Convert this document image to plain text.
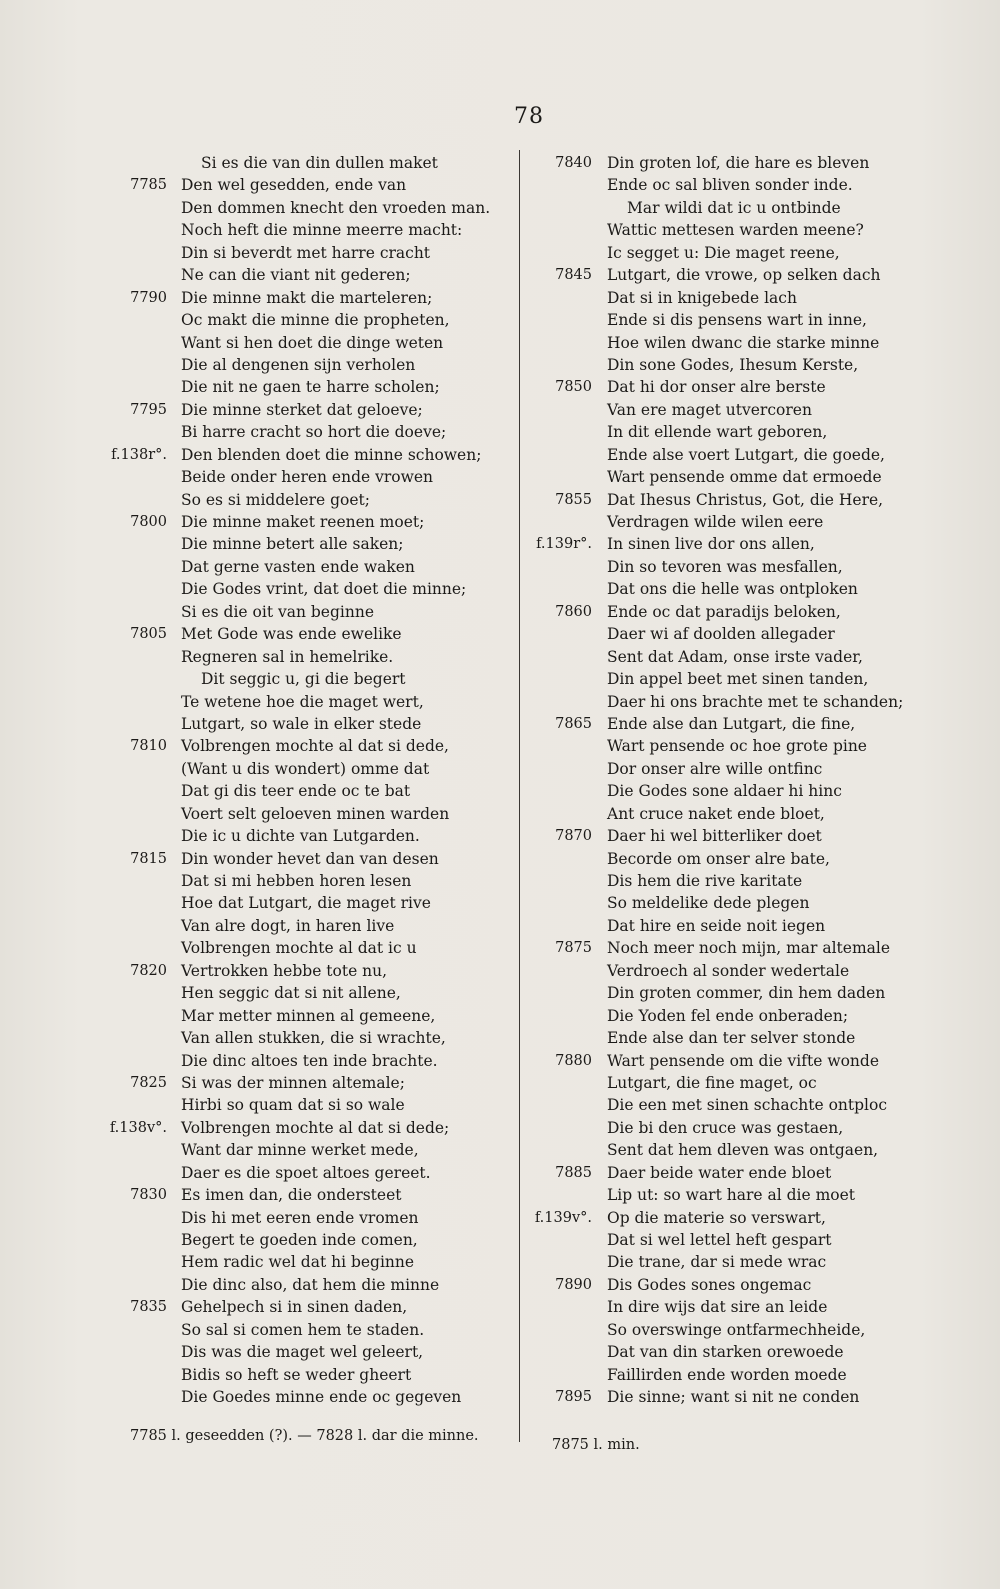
78
Si es die van din dullen maket
7785 Den wel gesedden, ende van
Den dommen knecht den vroeden man.
Noch heft die minne meerre macht:
Din si beverdt met harre cracht
Ne can die viant nit gederen;
7790 Die minne makt die marteleren;
Oc makt die minne die propheten,
Want si hen doet die dinge weten
Die al dengenen sijn verholen
Die nit ne gaen te harre scholen;
7795 Die minne sterket dat geloeve;
Bi harre cracht so hort die doeve;
f.138r°. Den blenden doet die minne schowen;
Beide onder heren ende vrowen
So es si middelere goet;
7800 Die minne maket reenen moet;
Die minne betert alle saken;
Dat gerne vasten ende waken
Die Godes vrint, dat doet die minne;
Si es die oit van beginne
7805 Met Gode was ende ewelike
Regneren sal in hemelrike.
Dit seggic u, gi die begert
Te wetene hoe die maget wert,
Lutgart, so wale in elker stede
7810 Volbrengen mochte al dat si dede,
(Want u dis wondert) omme dat
Dat gi dis teer ende oc te bat
Voert selt geloeven minen warden
Die ic u dichte van Lutgarden.
7815 Din wonder hevet dan van desen
Dat si mi hebben horen lesen
Hoe dat Lutgart, die maget rive
Van alre dogt, in haren live
Volbrengen mochte al dat ic u
7820 Vertrokken hebbe tote nu,
Hen seggic dat si nit allene,
Mar metter minnen al gemeene,
Van allen stukken, die si wrachte,
Die dinc altoes ten inde brachte.
7825 Si was der minnen altemale;
Hirbi so quam dat si so wale
f.138v°. Volbrengen mochte al dat si dede;
Want dar minne werket mede,
Daer es die spoet altoes gereet.
7830 Es imen dan, die ondersteet
Dis hi met eeren ende vromen
Begert te goeden inde comen,
Hem radic wel dat hi beginne
Die dinc also, dat hem die minne
7835 Gehelpech si in sinen daden,
So sal si comen hem te staden.
Dis was die maget wel geleert,
Bidis so heft se weder gheert
Die Goedes minne ende oc gegeven
7840 Din groten lof, die hare es bleven
Ende oc sal bliven sonder inde.
Mar wildi dat ic u ontbinde
Wattic mettesen warden meene?
Ic segget u: Die maget reene,
7845 Lutgart, die vrowe, op selken dach
Dat si in knigebede lach
Ende si dis pensens wart in inne,
Hoe wilen dwanc die starke minne
Din sone Godes, Ihesum Kerste,
7850 Dat hi dor onser alre berste
Van ere maget utvercoren
In dit ellende wart geboren,
Ende alse voert Lutgart, die goede,
Wart pensende omme dat ermoede
7855 Dat Ihesus Christus, Got, die Here,
Verdragen wilde wilen eere
f.139r°. In sinen live dor ons allen,
Din so tevoren was mesfallen,
Dat ons die helle was ontploken
7860 Ende oc dat paradijs beloken,
Daer wi af doolden allegader
Sent dat Adam, onse irste vader,
Din appel beet met sinen tanden,
Daer hi ons brachte met te schanden;
7865 Ende alse dan Lutgart, die fine,
Wart pensende oc hoe grote pine
Dor onser alre wille ontfinc
Die Godes sone aldaer hi hinc
Ant cruce naket ende bloet,
7870 Daer hi wel bitterliker doet
Becorde om onser alre bate,
Dis hem die rive karitate
So meldelike dede plegen
Dat hire en seide noit iegen
7875 Noch meer noch mijn, mar altemale
Verdroech al sonder wedertale
Din groten commer, din hem daden
Die Yoden fel ende onberaden;
Ende alse dan ter selver stonde
7880 Wart pensende om die vifte wonde
Lutgart, die fine maget, oc
Die een met sinen schachte ontploc
Die bi den cruce was gestaen,
Sent dat hem dleven was ontgaen,
7885 Daer beide water ende bloet
Lip ut: so wart hare al die moet
f.139v°. Op die materie so verswart,
Dat si wel lettel heft gespart
Die trane, dar si mede wrac
7890 Dis Godes sones ongemac
In dire wijs dat sire an leide
So overswinge ontfarmechheide,
Dat van din starken orewoede
Faillirden ende worden moede
7895 Die sinne; want si nit ne conden
7785 l. geseedden (?). — 7828 l. dar die minne.
7875 l. min.
